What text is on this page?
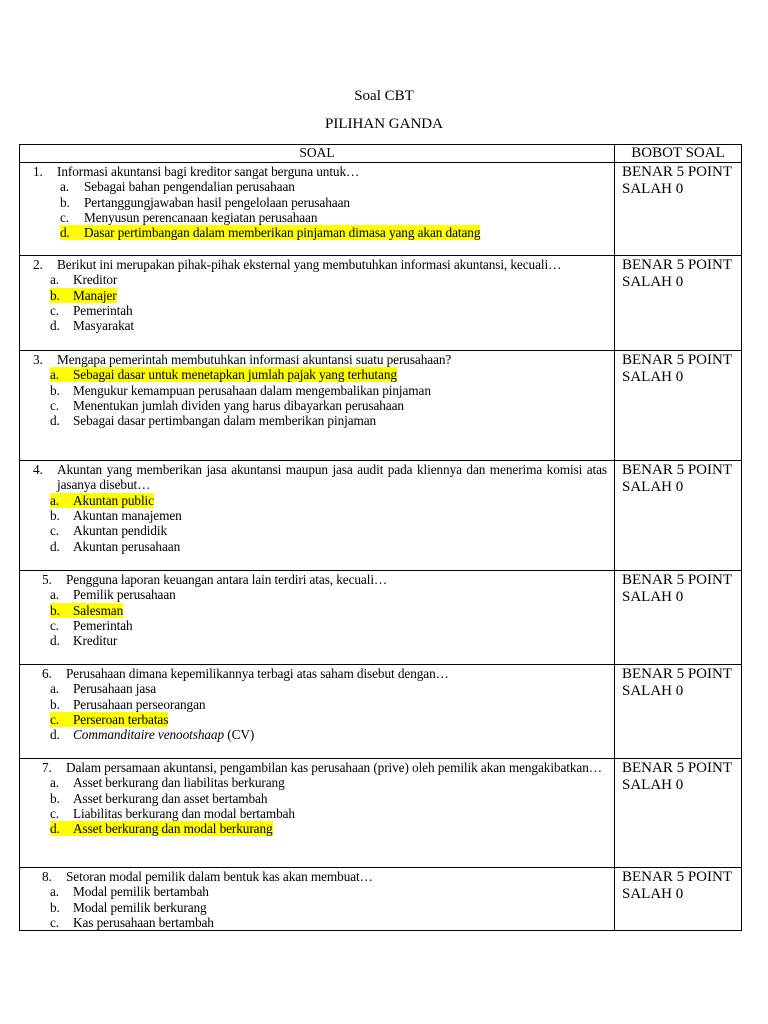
Soal CBT
PILIHAN GANDA
SOAL	BOBOT SOAL
1. Informasi akuntansi bagi kreditor sangat berguna untuk…
a. Sebagai bahan pengendalian perusahaan
b. Pertanggungjawaban hasil pengelolaan perusahaan
c. Menyusun perencanaan kegiatan perusahaan
d. Dasar pertimbangan dalam memberikan pinjaman dimasa yang akan datang
BENAR 5 POINT
SALAH 0
2. Berikut ini merupakan pihak-pihak eksternal yang membutuhkan informasi akuntansi, kecuali…
a. Kreditor
b. Manajer
c. Pemerintah
d. Masyarakat
BENAR 5 POINT
SALAH 0
3. Mengapa pemerintah membutuhkan informasi akuntansi suatu perusahaan?
a. Sebagai dasar untuk menetapkan jumlah pajak yang terhutang
b. Mengukur kemampuan perusahaan dalam mengembalikan pinjaman
c. Menentukan jumlah dividen yang harus dibayarkan perusahaan
d. Sebagai dasar pertimbangan dalam memberikan pinjaman
BENAR 5 POINT
SALAH 0
4. Akuntan yang memberikan jasa akuntansi maupun jasa audit pada kliennya dan menerima komisi atas jasanya disebut…
a. Akuntan public
b. Akuntan manajemen
c. Akuntan pendidik
d. Akuntan perusahaan
BENAR 5 POINT
SALAH 0
5. Pengguna laporan keuangan antara lain terdiri atas, kecuali…
a. Pemilik perusahaan
b. Salesman
c. Pemerintah
d. Kreditur
BENAR 5 POINT
SALAH 0
6. Perusahaan dimana kepemilikannya terbagi atas saham disebut dengan…
a. Perusahaan jasa
b. Perusahaan perseorangan
c. Perseroan terbatas
d. Commanditaire venootshaap (CV)
BENAR 5 POINT
SALAH 0
7. Dalam persamaan akuntansi, pengambilan kas perusahaan (prive) oleh pemilik akan mengakibatkan…
a. Asset berkurang dan liabilitas berkurang
b. Asset berkurang dan asset bertambah
c. Liabilitas berkurang dan modal bertambah
d. Asset berkurang dan modal berkurang
BENAR 5 POINT
SALAH 0
8. Setoran modal pemilik dalam bentuk kas akan membuat…
a. Modal pemilik bertambah
b. Modal pemilik berkurang
c. Kas perusahaan bertambah
BENAR 5 POINT
SALAH 0
